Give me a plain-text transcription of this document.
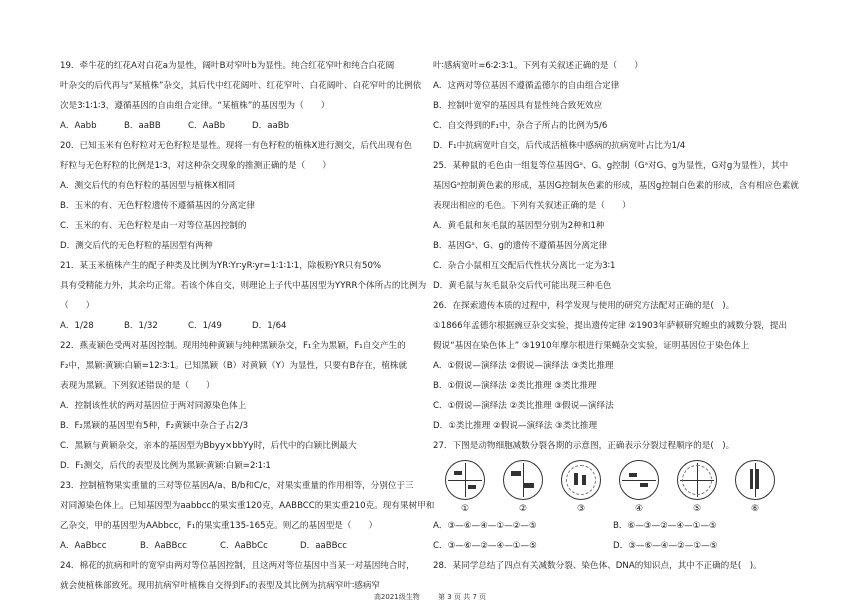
19．牵牛花的红花A对白花a为显性，阔叶B对窄叶b为显性。纯合红花窄叶和纯合白花阔
叶杂交的后代再与“某植株”杂交，其后代中红花阔叶、红花窄叶、白花阔叶、白花窄叶的比例依
次是3∶1∶1∶3，遵循基因的自由组合定律。“某植株”的基因型为（　　）
A．Aabb	B．aaBB	C．AaBb	D．aaBb
20．已知玉米有色籽粒对无色籽粒是显性。现将一有色籽粒的植株X进行测交，后代出现有色
籽粒与无色籽粒的比例是1∶3，对这种杂交现象的推测正确的是（　　）
A．测交后代的有色籽粒的基因型与植株X相同
B．玉米的有、无色籽粒遗传不遵循基因的分离定律
C．玉米的有、无色籽粒是由一对等位基因控制的
D．测交后代的无色籽粒的基因型有两种
21．某玉米植株产生的配子种类及比例为YR∶Yr∶yR∶yr=1∶1∶1∶1，除板粉YR只有50%
具有受精能力外，其余均正常。若该个体自交，则理论上子代中基因型为YYRR个体所占的比例为
（　　）
A．1/28	B．1/32	C．1/49	D．1/64
22．燕麦颖色受两对基因控制。现用纯种黄颖与纯种黑颖杂交，F₁全为黑颖，F₁自交产生的
F₂中，黑颖∶黄颖∶白颖=12∶3∶1。已知黑颖（B）对黄颖（Y）为显性，只要有B存在，植株就
表现为黑颖。下列叙述错误的是（　　）
A．控制该性状的两对基因位于两对同源染色体上
B．F₂黑颖的基因型有5种，F₂黄颖中杂合子占2/3
C．黑颖与黄颖杂交，亲本的基因型为Bbyy×bbYy时，后代中的白颖比例最大
D．F₁测交，后代的表型及比例为黑颖∶黄颖∶白颖=2∶1∶1
23．控制植物果实重量的三对等位基因A/a、B/b和C/c，对果实重量的作用相等，分别位于三
对同源染色体上。已知基因型为aabbcc的果实重120克，AABBCC的果实重210克。现有果树甲和
乙杂交，甲的基因型为AAbbcc，F₁的果实重135-165克。则乙的基因型是（　　）
A．AaBbcc	B．AaBBcc	C．AaBbCc	D．aaBBcc
24．棉花的抗病和叶的宽窄由两对等位基因控制，且这两对等位基因中当某一对基因纯合时，
就会使植株部致死。现用抗病窄叶植株自交得到F₁的表型及其比例为抗病窄叶∶感病窄
叶∶感病宽叶=6∶2∶3∶1。下列有关叙述正确的是（　　）
A．这两对等位基因不遵循孟德尔的自由组合定律
B．控制叶宽窄的基因具有显性纯合致死效应
C．自交得到的F₁中，杂合子所占的比例为5/6
D．F₁中抗病宽叶自交，后代成活植株中感病的抗病宽叶占比为1/4
25．某种鼠的毛色由一组复等位基因Gᵃ、G、g控制（Gᵃ对G、g为显性，G对g为显性），其中
基因Gᵃ控制黄色素的形成，基因G控制灰色素的形成，基因g控制白色素的形成，含有相应色素就
表现出相应的毛色。下列有关叙述正确的是（　　）
A．黄毛鼠和灰毛鼠的基因型分别为2种和1种
B．基因Gᵃ、G、g的遗传不遵循基因分离定律
C．杂合小鼠相互交配后代性状分离比一定为3∶1
D．黄毛鼠与灰毛鼠杂交后代可能出现三种毛色
26．在探索遗传本质的过程中，科学发现与使用的研究方法配对正确的是(　)。
①1866年孟德尔根据豌豆杂交实验，提出遗传定律 ②1903年萨顿研究蝗虫的减数分裂，提出
假说“基因在染色体上” ③1910年摩尔根进行果蝇杂交实验，证明基因位于染色体上
A．①假说—演绎法 ②假说—演绎法 ③类比推理
B．①假说—演绎法 ②类比推理 ③类比推理
C．①假说—演绎法 ②类比推理 ③假说—演绎法
D．①类比推理 ②假说—演绎法 ③类比推理
27．下图是动物细胞减数分裂各期的示意图，正确表示分裂过程顺序的是(　)。
①	②	③	④	⑤	⑥
A．③—⑥—④—①—②—⑤	B．⑥—③—②—④—①—⑤
C．③—⑥—②—④—①—⑤	D．③—⑥—④—②—①—⑤
28．某同学总结了四点有关减数分裂、染色体、DNA的知识点，其中不正确的是(　)。
高2021级生物	第 3 页 共 7 页
